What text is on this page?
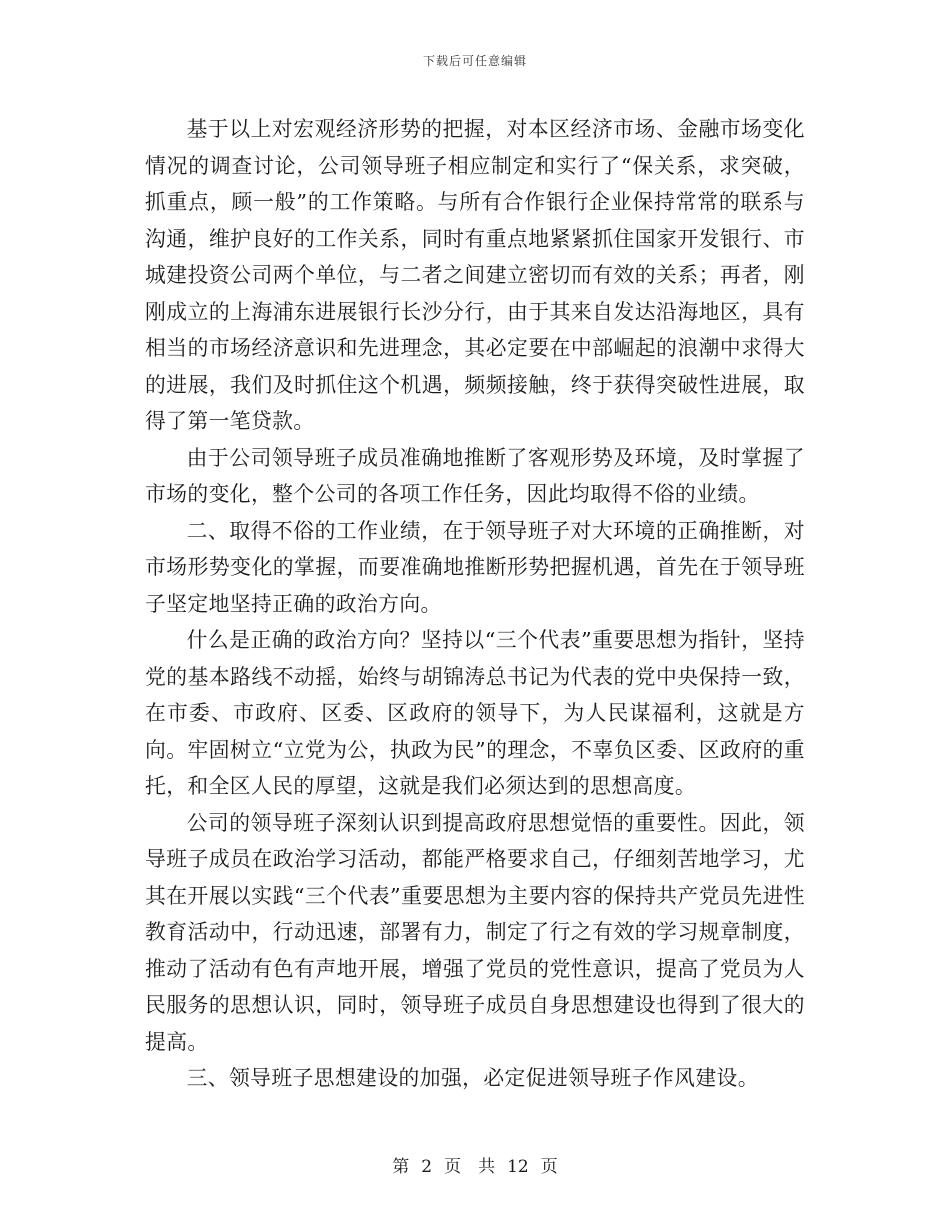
下载后可任意编辑

基于以上对宏观经济形势的把握，对本区经济市场、金融市场变化情况的调查讨论，公司领导班子相应制定和实行了“保关系，求突破，抓重点，顾一般”的工作策略。与所有合作银行企业保持常常的联系与沟通，维护良好的工作关系，同时有重点地紧紧抓住国家开发银行、市城建投资公司两个单位，与二者之间建立密切而有效的关系；再者，刚刚成立的上海浦东进展银行长沙分行，由于其来自发达沿海地区，具有相当的市场经济意识和先进理念，其必定要在中部崛起的浪潮中求得大的进展，我们及时抓住这个机遇，频频接触，终于获得突破性进展，取得了第一笔贷款。

由于公司领导班子成员准确地推断了客观形势及环境，及时掌握了市场的变化，整个公司的各项工作任务，因此均取得不俗的业绩。

二、取得不俗的工作业绩，在于领导班子对大环境的正确推断，对市场形势变化的掌握，而要准确地推断形势把握机遇，首先在于领导班子坚定地坚持正确的政治方向。

什么是正确的政治方向？坚持以“三个代表”重要思想为指针，坚持党的基本路线不动摇，始终与胡锦涛总书记为代表的党中央保持一致，在市委、市政府、区委、区政府的领导下，为人民谋福利，这就是方向。牢固树立“立党为公，执政为民”的理念，不辜负区委、区政府的重托，和全区人民的厚望，这就是我们必须达到的思想高度。

公司的领导班子深刻认识到提高政府思想觉悟的重要性。因此，领导班子成员在政治学习活动，都能严格要求自己，仔细刻苦地学习，尤其在开展以实践“三个代表”重要思想为主要内容的保持共产党员先进性教育活动中，行动迅速，部署有力，制定了行之有效的学习规章制度，推动了活动有色有声地开展，增强了党员的党性意识，提高了党员为人民服务的思想认识，同时，领导班子成员自身思想建设也得到了很大的提高。

三、领导班子思想建设的加强，必定促进领导班子作风建设。

第 2 页　共 12 页
